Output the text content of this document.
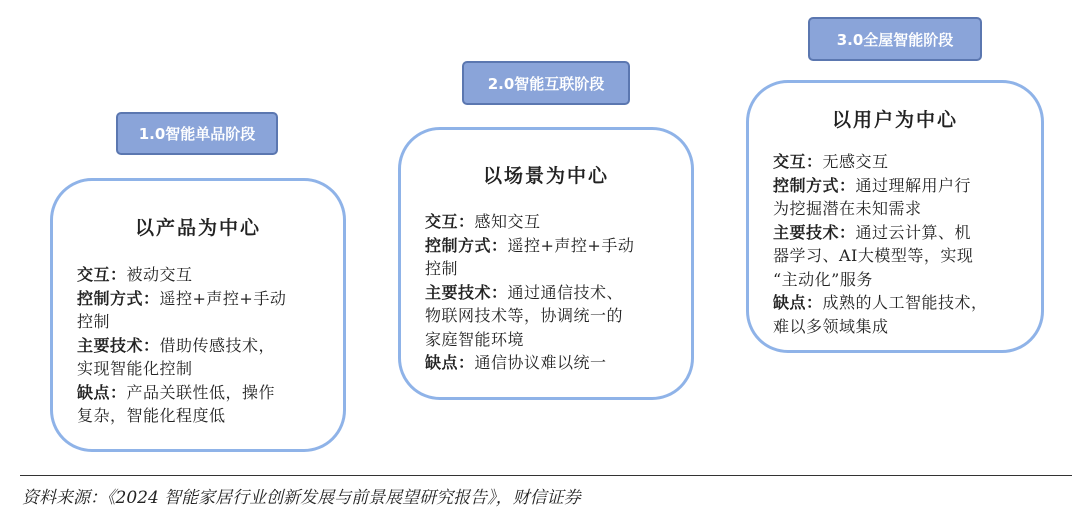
1.0智能单品阶段
以产品为中心

交互：被动交互

控制方式：遥控+声控+手动

控制

主要技术：借助传感技术，

实现智能化控制

缺点：产品关联性低，操作

复杂，智能化程度低

2.0智能互联阶段
以场景为中心

交互：感知交互

控制方式：遥控+声控+手动

控制

主要技术：通过通信技术、

物联网技术等，协调统一的

家庭智能环境

缺点：通信协议难以统一

3.0全屋智能阶段
以用户为中心

交互：无感交互

控制方式：通过理解用户行

为挖掘潜在未知需求

主要技术：通过云计算、机

器学习、AI大模型等，实现

“主动化”服务

缺点：成熟的人工智能技术，

难以多领域集成

资料来源：《2024 智能家居行业创新发展与前景展望研究报告》，财信证券
